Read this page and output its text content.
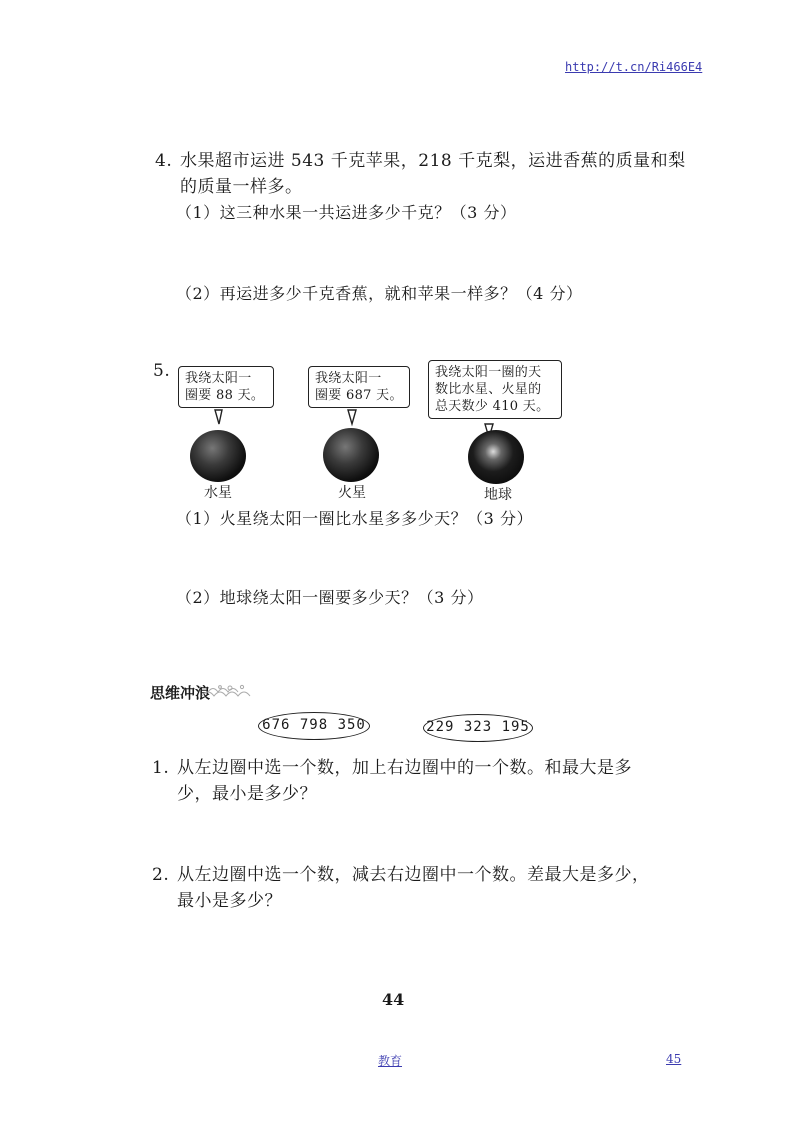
http://t.cn/Ri466E4
4. 水果超市运进 543 千克苹果，218 千克梨，运进香蕉的质量和梨
的质量一样多。
（1）这三种水果一共运进多少千克？（3 分）
（2）再运进多少千克香蕉，就和苹果一样多？（4 分）
5. 我绕太阳一
圈要 88 天。
我绕太阳一
圈要 687 天。
我绕太阳一圈的天
数比水星、火星的
总天数少 410 天。
水星	火星	地球
（1）火星绕太阳一圈比水星多多少天？（3 分）
（2）地球绕太阳一圈要多少天？（3 分）
思维冲浪
676 798 350	229 323 195
1. 从左边圈中选一个数，加上右边圈中的一个数。和最大是多
少，最小是多少？
2. 从左边圈中选一个数，减去右边圈中一个数。差最大是多少，
最小是多少？
44
教育	45
